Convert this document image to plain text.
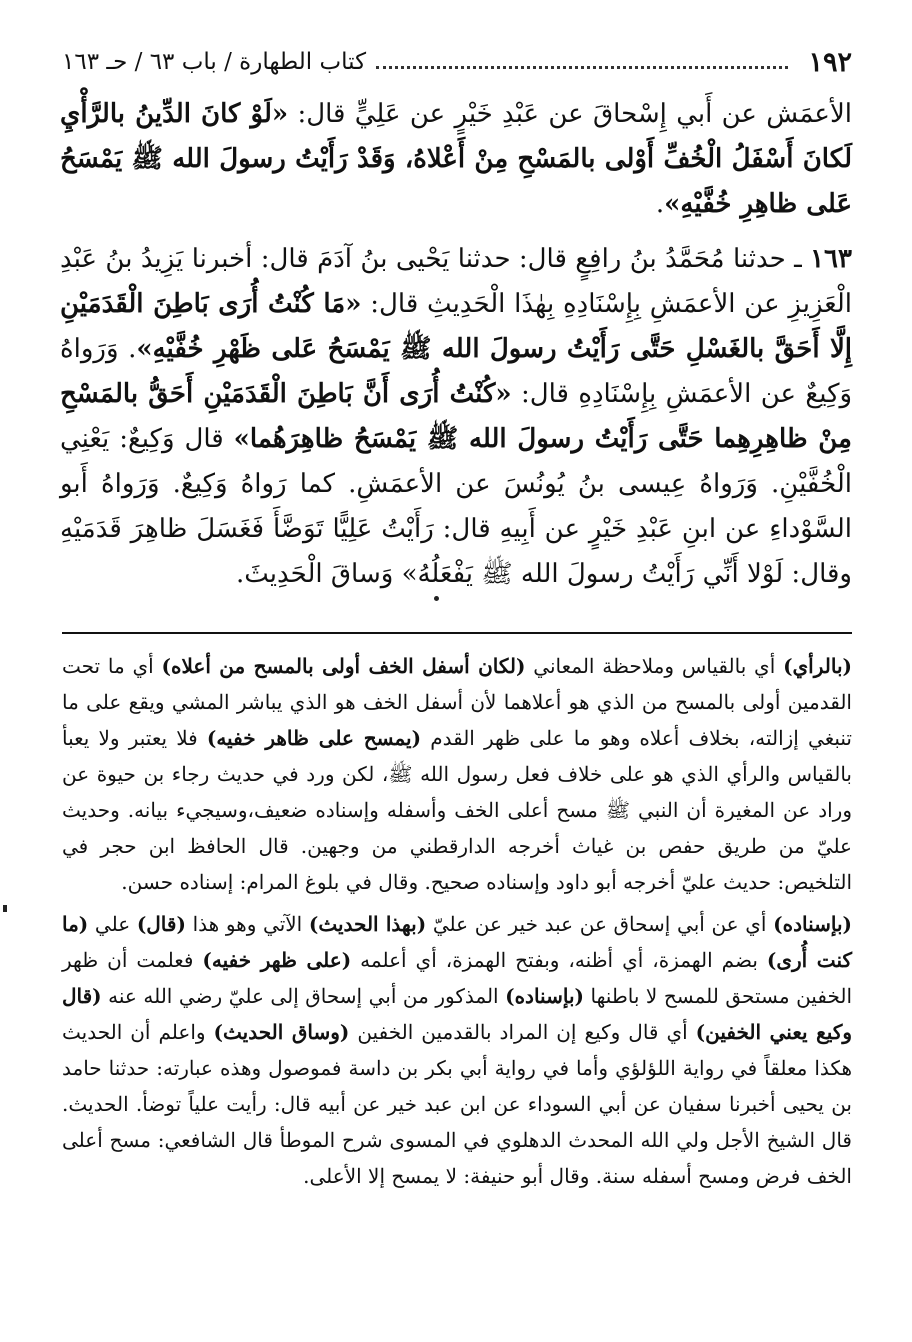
١٩٢
كتاب الطهارة / باب ٦٣ / حـ ١٦٣

الأعمَش عن أَبي إِسْحاقَ عن عَبْدِ خَيْرٍ عن عَلِيٍّ قال: «لَوْ كانَ الدِّينُ بالرَّأْيِ لَكانَ أَسْفَلُ الْخُفِّ أَوْلى بالمَسْحِ مِنْ أَعْلاهُ، وَقَدْ رَأَيْتُ رسولَ الله ﷺ يَمْسَحُ عَلى ظاهِرِ خُفَّيْهِ».

١٦٣ ـ حدثنا مُحَمَّدُ بنُ رافِعٍ قال: حدثنا يَحْيى بنُ آدَمَ قال: أخبرنا يَزِيدُ بنُ عَبْدِ الْعَزِيزِ عن الأعمَشِ بِإِسْنَادِهِ بِهٰذَا الْحَدِيثِ قال: «مَا كُنْتُ أُرَى بَاطِنَ الْقَدَمَيْنِ إِلَّا أَحَقَّ بالغَسْلِ حَتَّى رَأَيْتُ رسولَ الله ﷺ يَمْسَحُ عَلى ظَهْرِ خُفَّيْهِ». وَرَواهُ وَكِيعٌ عن الأعمَشِ بِإِسْنَادِهِ قال: «كُنْتُ أُرَى أَنَّ بَاطِنَ الْقَدَمَيْنِ أَحَقُّ بالمَسْحِ مِنْ ظاهِرِهِما حَتَّى رَأَيْتُ رسولَ الله ﷺ يَمْسَحُ ظاهِرَهُما» قال وَكِيعٌ: يَعْنِي الْخُفَّيْنِ. وَرَواهُ عِيسى بنُ يُونُسَ عن الأعمَشِ. كما رَواهُ وَكِيعٌ. وَرَواهُ أَبو السَّوْداءِ عن ابنِ عَبْدِ خَيْرٍ عن أَبِيهِ قال: رَأَيْتُ عَلِيًّا تَوَضَّأَ فَغَسَلَ ظاهِرَ قَدَمَيْهِ وقال: لَوْلا أَنِّي رَأَيْتُ رسولَ الله ﷺ يَفْعَلُهُ» وَساقَ الْحَدِيثَ.

(بالرأي) أي بالقياس وملاحظة المعاني (لكان أسفل الخف أولى بالمسح من أعلاه) أي ما تحت القدمين أولى بالمسح من الذي هو أعلاهما لأن أسفل الخف هو الذي يباشر المشي ويقع على ما تنبغي إزالته، بخلاف أعلاه وهو ما على ظهر القدم (يمسح على ظاهر خفيه) فلا يعتبر ولا يعبأ بالقياس والرأي الذي هو على خلاف فعل رسول الله ﷺ، لكن ورد في حديث رجاء بن حيوة عن وراد عن المغيرة أن النبي ﷺ مسح أعلى الخف وأسفله وإسناده ضعيف،وسيجيء بيانه. وحديث عليّ من طريق حفص بن غياث أخرجه الدارقطني من وجهين. قال الحافظ ابن حجر في التلخيص: حديث عليّ أخرجه أبو داود وإسناده صحيح. وقال في بلوغ المرام: إسناده حسن.

(بإسناده) أي عن أبي إسحاق عن عبد خير عن عليّ (بهذا الحديث) الآتي وهو هذا (قال) علي (ما كنت أُرى) بضم الهمزة، أي أظنه، وبفتح الهمزة، أي أعلمه (على ظهر خفيه) فعلمت أن ظهر الخفين مستحق للمسح لا باطنها (بإسناده) المذكور من أبي إسحاق إلى عليّ رضي الله عنه (قال وكيع يعني الخفين) أي قال وكيع إن المراد بالقدمين الخفين (وساق الحديث) واعلم أن الحديث هكذا معلقاً في رواية اللؤلؤي وأما في رواية أبي بكر بن داسة فموصول وهذه عبارته: حدثنا حامد بن يحيى أخبرنا سفيان عن أبي السوداء عن ابن عبد خير عن أبيه قال: رأيت علياً توضأ. الحديث. قال الشيخ الأجل ولي الله المحدث الدهلوي في المسوى شرح الموطأ قال الشافعي: مسح أعلى الخف فرض ومسح أسفله سنة. وقال أبو حنيفة: لا يمسح إلا الأعلى.
